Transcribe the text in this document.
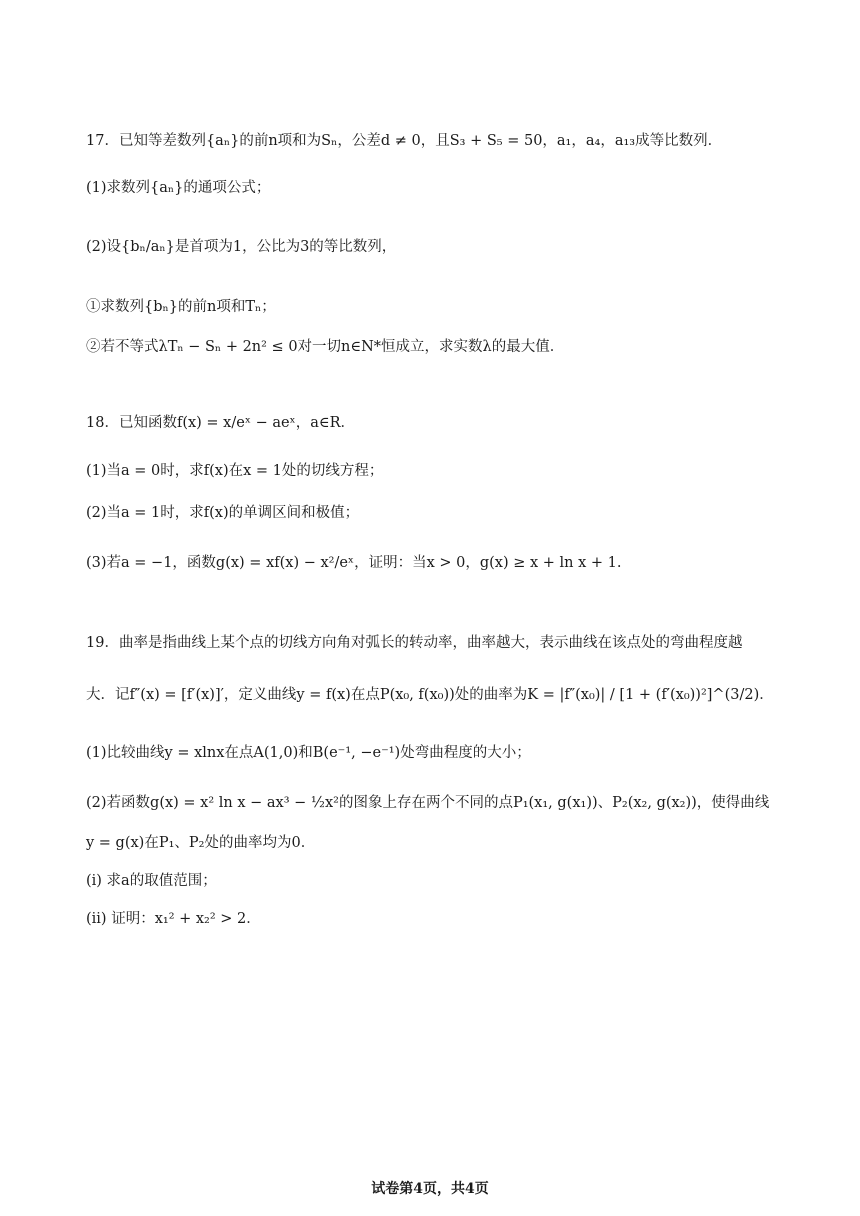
17．已知等差数列{aₙ}的前n项和为Sₙ，公差d ≠ 0，且S₃ + S₅ = 50，a₁，a₄，a₁₃成等比数列．
(1)求数列{aₙ}的通项公式；
(2)设{bₙ/aₙ}是首项为1，公比为3的等比数列，
①求数列{bₙ}的前n项和Tₙ；
②若不等式λTₙ − Sₙ + 2n² ≤ 0对一切n∈N*恒成立，求实数λ的最大值．
18．已知函数f(x) = x/eˣ − aeˣ，a∈R．
(1)当a = 0时，求f(x)在x = 1处的切线方程；
(2)当a = 1时，求f(x)的单调区间和极值；
(3)若a = −1，函数g(x) = xf(x) − x²/eˣ，证明：当x > 0，g(x) ≥ x + ln x + 1.
19．曲率是指曲线上某个点的切线方向角对弧长的转动率，曲率越大，表示曲线在该点处的弯曲程度越
大．记f″(x) = [f′(x)]′，定义曲线y = f(x)在点P(x₀, f(x₀))处的曲率为K = |f″(x₀)| / [1 + (f′(x₀))²]^(3/2)．
(1)比较曲线y = xlnx在点A(1,0)和B(e⁻¹, −e⁻¹)处弯曲程度的大小；
(2)若函数g(x) = x² ln x − ax³ − ½x²的图象上存在两个不同的点P₁(x₁, g(x₁))、P₂(x₂, g(x₂))，使得曲线
y = g(x)在P₁、P₂处的曲率均为0．
(i) 求a的取值范围；
(ii) 证明：x₁² + x₂² > 2．
试卷第4页，共4页
